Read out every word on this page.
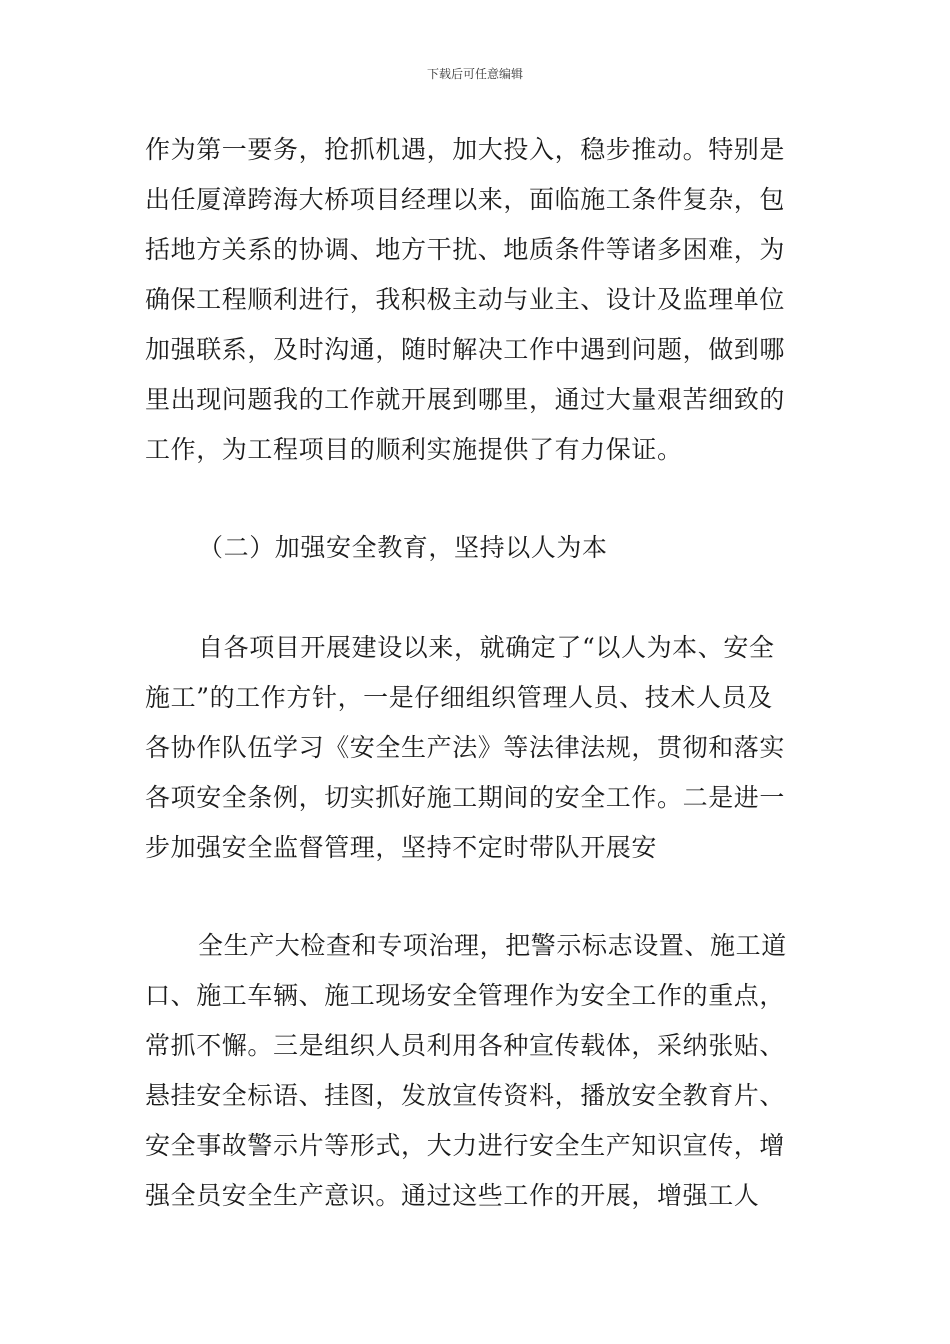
下载后可任意编辑
作为第一要务，抢抓机遇，加大投入，稳步推动。特别是
出任厦漳跨海大桥项目经理以来，面临施工条件复杂，包
括地方关系的协调、地方干扰、地质条件等诸多困难，为
确保工程顺利进行，我积极主动与业主、设计及监理单位
加强联系，及时沟通，随时解决工作中遇到问题，做到哪
里出现问题我的工作就开展到哪里，通过大量艰苦细致的
工作，为工程项目的顺利实施提供了有力保证。
（二）加强安全教育，坚持以人为本
自各项目开展建设以来，就确定了“以人为本、安全
施工”的工作方针，一是仔细组织管理人员、技术人员及
各协作队伍学习《安全生产法》等法律法规，贯彻和落实
各项安全条例，切实抓好施工期间的安全工作。二是进一
步加强安全监督管理，坚持不定时带队开展安
全生产大检查和专项治理，把警示标志设置、施工道
口、施工车辆、施工现场安全管理作为安全工作的重点，
常抓不懈。三是组织人员利用各种宣传载体，采纳张贴、
悬挂安全标语、挂图，发放宣传资料，播放安全教育片、
安全事故警示片等形式，大力进行安全生产知识宣传，增
强全员安全生产意识。通过这些工作的开展，增强工人
